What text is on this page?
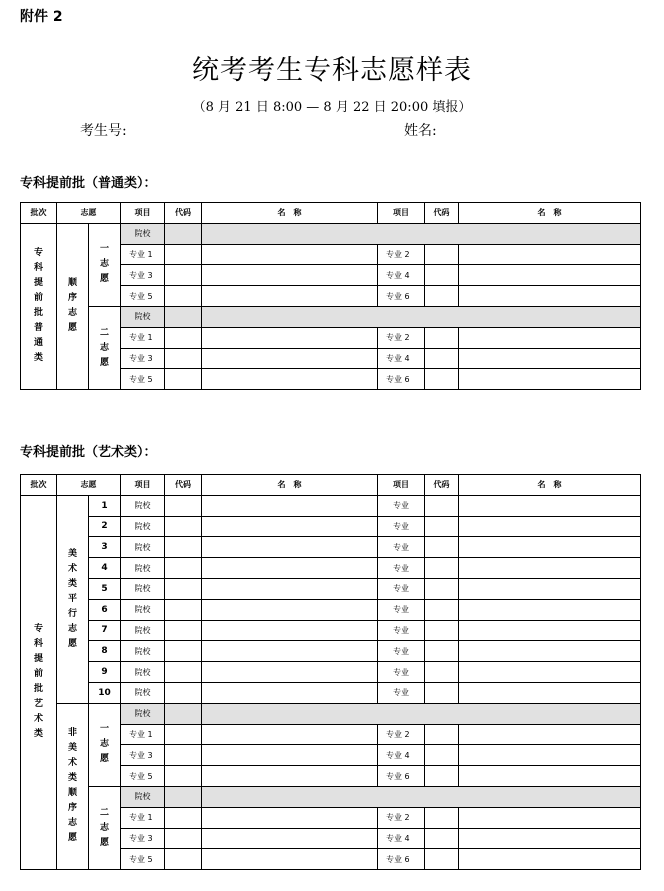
附件 2
统考考生专科志愿样表
（8 月 21 日 8:00 — 8 月 22 日 20:00 填报）
考生号:	姓名:
专科提前批（普通类）：
批次	志愿		项目	代码	名　称	项目	代码	名　称
专科提前批普通类	顺序志愿	一志愿	院校					
			专业 1			专业 2		
			专业 3			专业 4		
			专业 5			专业 6		
		二志愿	院校					
			专业 1			专业 2		
			专业 3			专业 4		
			专业 5			专业 6		
专科提前批（艺术类）：
批次	志愿		项目	代码	名　称	项目	代码	名　称
专科提前批艺术类	美术类平行志愿	1	院校			专业		
		2	院校			专业		
		3	院校			专业		
		4	院校			专业		
		5	院校			专业		
		6	院校			专业		
		7	院校			专业		
		8	院校			专业		
		9	院校			专业		
		10	院校			专业		
	非美术类顺序志愿	一志愿	院校					
			专业 1			专业 2		
			专业 3			专业 4		
			专业 5			专业 6		
		二志愿	院校					
			专业 1			专业 2		
			专业 3			专业 4		
			专业 5			专业 6		
